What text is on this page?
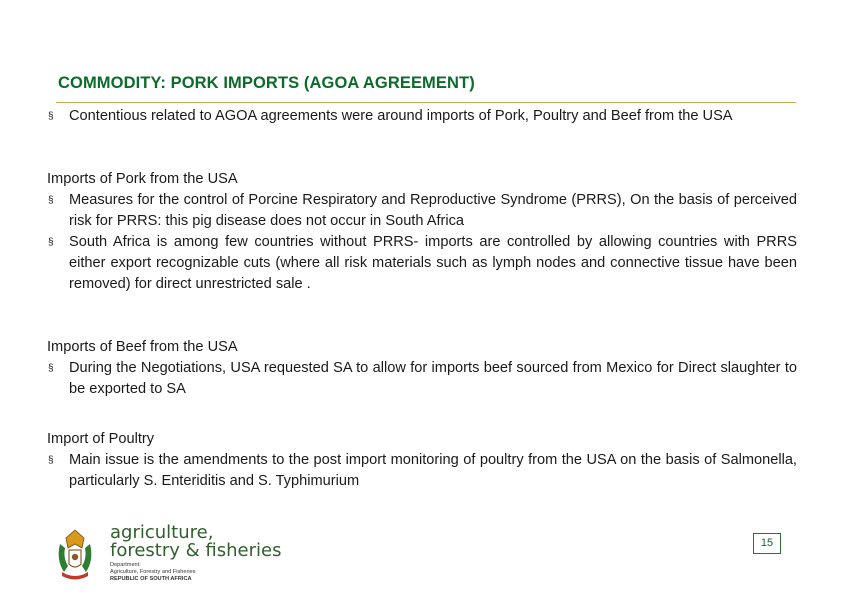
COMMODITY: PORK IMPORTS (AGOA AGREEMENT)
§ Contentious related to AGOA agreements were around imports of Pork, Poultry and Beef from the USA
Imports of Pork from the USA
§ Measures for the control of Porcine Respiratory and Reproductive Syndrome (PRRS), On the basis of perceived risk for PRRS: this pig disease does not occur in South Africa
§ South Africa is among few countries without PRRS- imports are controlled by allowing countries with PRRS either export recognizable cuts (where all risk materials such as lymph nodes and connective tissue have been removed) for direct unrestricted sale .
Imports of Beef from the USA
§ During the Negotiations, USA requested SA to allow for imports beef sourced from Mexico for Direct slaughter to be exported to SA
Import of Poultry
§ Main issue is the amendments to the post import monitoring of poultry from the USA on the basis of Salmonella, particularly S. Enteriditis and S. Typhimurium
agriculture,
forestry & fisheries
Department:
Agriculture, Forestry and Fisheries
REPUBLIC OF SOUTH AFRICA
15
